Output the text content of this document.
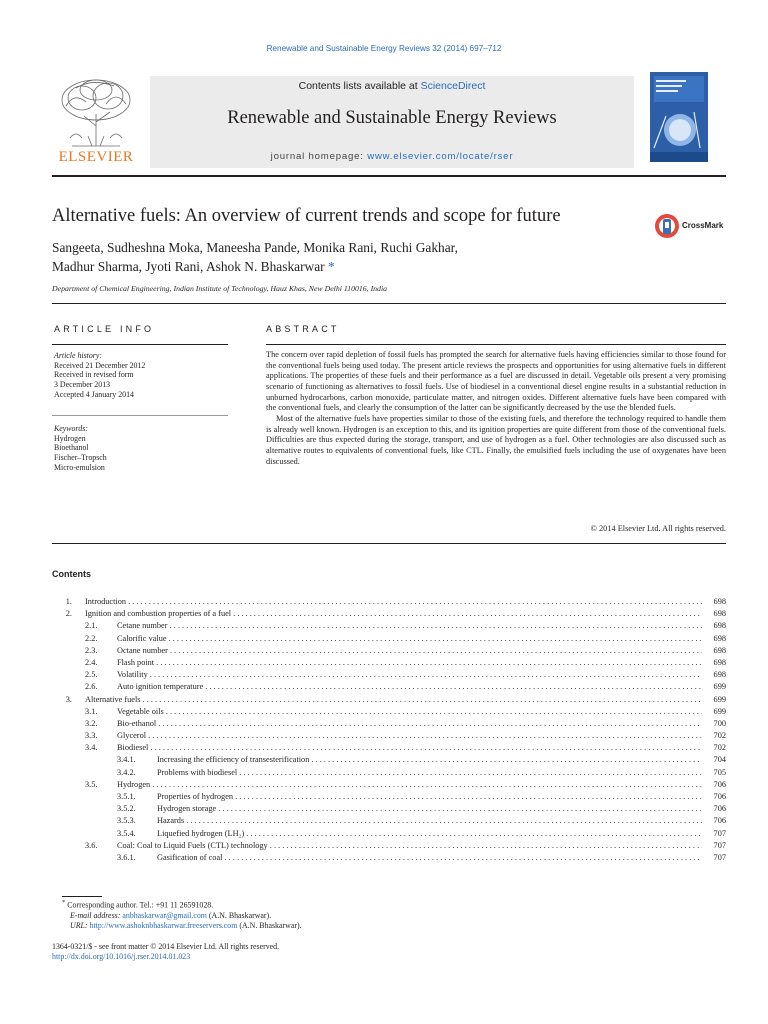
Renewable and Sustainable Energy Reviews 32 (2014) 697–712
ELSEVIER
Contents lists available at ScienceDirect
Renewable and Sustainable Energy Reviews
journal homepage: www.elsevier.com/locate/rser
Alternative fuels: An overview of current trends and scope for future	CrossMark
Sangeeta, Sudheshna Moka, Maneesha Pande, Monika Rani, Ruchi Gakhar,
Madhur Sharma, Jyoti Rani, Ashok N. Bhaskarwar *
Department of Chemical Engineering, Indian Institute of Technology, Hauz Khas, New Delhi 110016, India
ARTICLE INFO
Article history:
Received 21 December 2012
Received in revised form
3 December 2013
Accepted 4 January 2014
Keywords:
Hydrogen
Bioethanol
Fischer–Tropsch
Micro-emulsion
ABSTRACT

The concern over rapid depletion of fossil fuels has prompted the search for alternative fuels having efficiencies similar to those found for the conventional fuels being used today. The present article reviews the prospects and opportunities for using alternative fuels in different applications. The properties of these fuels and their performance as a fuel are discussed in detail. Vegetable oils present a very promising scenario of functioning as alternatives to fossil fuels. Use of biodiesel in a conventional diesel engine results in a substantial reduction in unburned hydrocarbons, carbon monoxide, particulate matter, and nitrogen oxides. Different alternative fuels have been compared with the conventional fuels, and clearly the consumption of the latter can be significantly decreased by the use the blended fuels.

Most of the alternative fuels have properties similar to those of the existing fuels, and therefore the technology required to handle them is already well known. Hydrogen is an exception to this, and its ignition properties are quite different from those of the conventional fuels. Difficulties are thus expected during the storage, transport, and use of hydrogen as a fuel. Other technologies are also discussed such as alternative routes to equivalents of conventional fuels, like CTL. Finally, the emulsified fuels including the use of oxygenates have been discussed.

© 2014 Elsevier Ltd. All rights reserved.
Contents
1. Introduction . . .	698
2. Ignition and combustion properties of a fuel . . .	698
2.1. Cetane number . . .	698
2.2. Calorific value . . .	698
2.3. Octane number . . .	698
2.4. Flash point . . .	698
2.5. Volatility . . .	698
2.6. Auto ignition temperature . . .	699
3. Alternative fuels . . .	699
3.1. Vegetable oils . . .	699
3.2. Bio-ethanol . . .	700
3.3. Glycerol . . .	702
3.4. Biodiesel . . .	702
3.4.1.	Increasing the efficiency of transesterification . . .	704
3.4.2.	Problems with biodiesel . . .	705
3.5. Hydrogen . . .	706
3.5.1.	Properties of hydrogen . . .	706
3.5.2.	Hydrogen storage . . .	706
3.5.3.	Hazards . . .	706
3.5.4.	Liquefied hydrogen (LH₂) . . .	707
3.6. Coal: Coal to Liquid Fuels (CTL) technology . . .	707
3.6.1.	Gasification of coal . . .	707
* Corresponding author. Tel.: +91 11 26591028.
E-mail address: anbhaskarwar@gmail.com (A.N. Bhaskarwar).
URL: http://www.ashoknbhaskarwar.freeservers.com (A.N. Bhaskarwar).
1364-0321/$ - see front matter © 2014 Elsevier Ltd. All rights reserved.
http://dx.doi.org/10.1016/j.rser.2014.01.023
